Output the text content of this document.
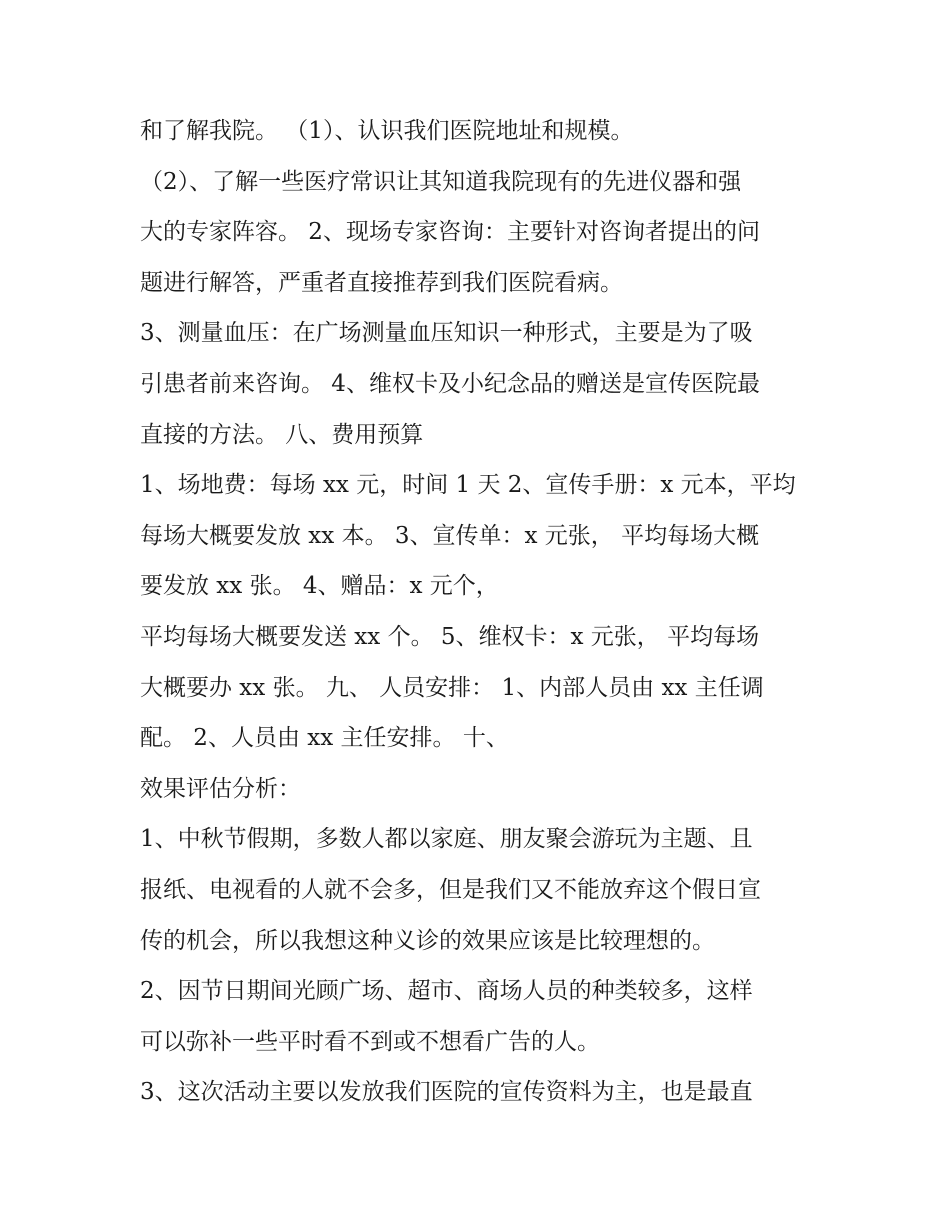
和了解我院。 （1）、认识我们医院地址和规模。
（2）、了解一些医疗常识让其知道我院现有的先进仪器和强
大的专家阵容。 2、现场专家咨询：主要针对咨询者提出的问
题进行解答，严重者直接推荐到我们医院看病。
3、测量血压：在广场测量血压知识一种形式，主要是为了吸
引患者前来咨询。 4、维权卡及小纪念品的赠送是宣传医院最
直接的方法。 八、费用预算
1、场地费：每场 xx 元，时间 1 天 2、宣传手册：x 元本，平均
每场大概要发放 xx 本。 3、宣传单：x 元张， 平均每场大概
要发放 xx 张。 4、赠品：x 元个，
平均每场大概要发送 xx 个。 5、维权卡：x 元张， 平均每场
大概要办 xx 张。 九、 人员安排： 1、内部人员由 xx 主任调
配。 2、人员由 xx 主任安排。 十、
效果评估分析：
1、中秋节假期，多数人都以家庭、朋友聚会游玩为主题、且
报纸、电视看的人就不会多，但是我们又不能放弃这个假日宣
传的机会，所以我想这种义诊的效果应该是比较理想的。
2、因节日期间光顾广场、超市、商场人员的种类较多，这样
可以弥补一些平时看不到或不想看广告的人。
3、这次活动主要以发放我们医院的宣传资料为主，也是最直
